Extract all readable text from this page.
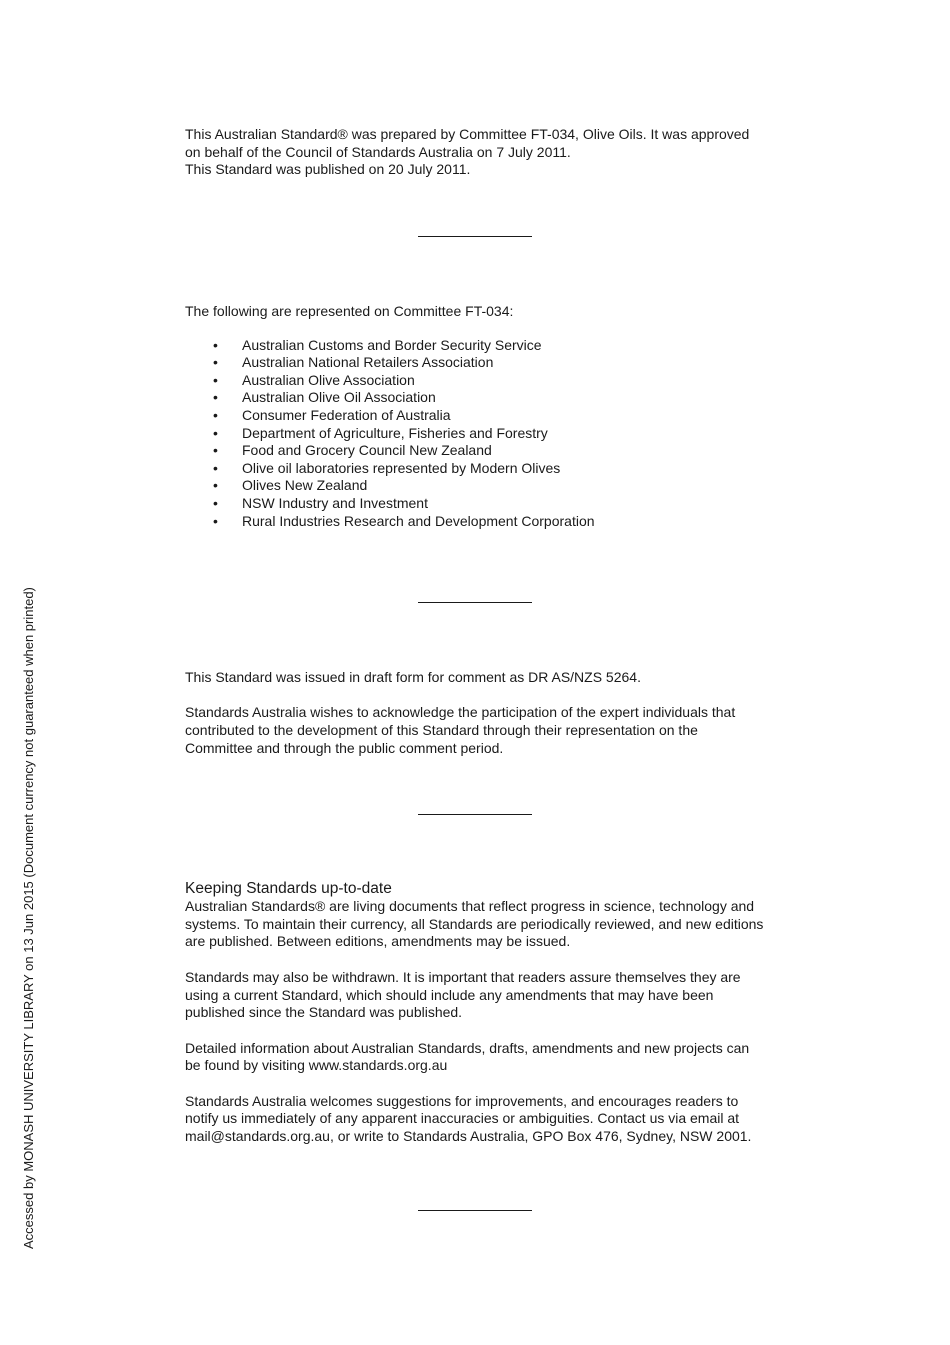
This Australian Standard® was prepared by Committee FT-034, Olive Oils. It was approved

on behalf of the Council of Standards Australia on 7 July 2011.

This Standard was published on 20 July 2011.

The following are represented on Committee FT-034:

• Australian Customs and Border Security Service
• Australian National Retailers Association
• Australian Olive Association
• Australian Olive Oil Association
• Consumer Federation of Australia
• Department of Agriculture, Fisheries and Forestry
• Food and Grocery Council New Zealand
• Olive oil laboratories represented by Modern Olives
• Olives New Zealand
• NSW Industry and Investment
• Rural Industries Research and Development Corporation

This Standard was issued in draft form for comment as DR AS/NZS 5264.

Standards Australia wishes to acknowledge the participation of the expert individuals that

contributed to the development of this Standard through their representation on the

Committee and through the public comment period.

Keeping Standards up-to-date

Australian Standards® are living documents that reflect progress in science, technology and

systems. To maintain their currency, all Standards are periodically reviewed, and new editions

are published. Between editions, amendments may be issued.

Standards may also be withdrawn. It is important that readers assure themselves they are

using a current Standard, which should include any amendments that may have been

published since the Standard was published.

Detailed information about Australian Standards, drafts, amendments and new projects can

be found by visiting www.standards.org.au

Standards Australia welcomes suggestions for improvements, and encourages readers to

notify us immediately of any apparent inaccuracies or ambiguities. Contact us via email at

mail@standards.org.au, or write to Standards Australia, GPO Box 476, Sydney, NSW 2001.

Accessed by MONASH UNIVERSITY LIBRARY on 13 Jun 2015 (Document currency not guaranteed when printed)
